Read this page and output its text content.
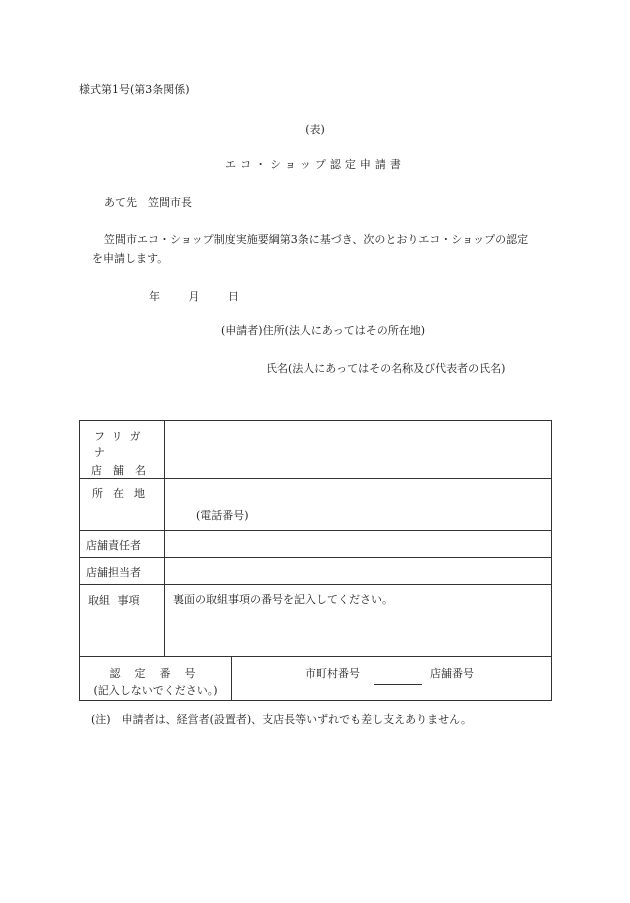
様式第1号(第3条関係)
(表)
エコ・ショップ認定申請書
あて先　笠間市長
笠間市エコ・ショップ制度実施要綱第3条に基づき、次のとおりエコ・ショップの認定
を申請します。
年	月	日
(申請者)住所(法人にあってはその所在地)
氏名(法人にあってはその名称及び代表者の氏名)
フリガナ
店舗名	

所在地	(電話番号)

店舗責任者	

店舗担当者	

取組 事項	裏面の取組事項の番号を記入してください。
認定番号
(記入しないでください。)

市町村番号	店舗番号
(注)　申請者は、経営者(設置者)、支店長等いずれでも差し支えありません。
